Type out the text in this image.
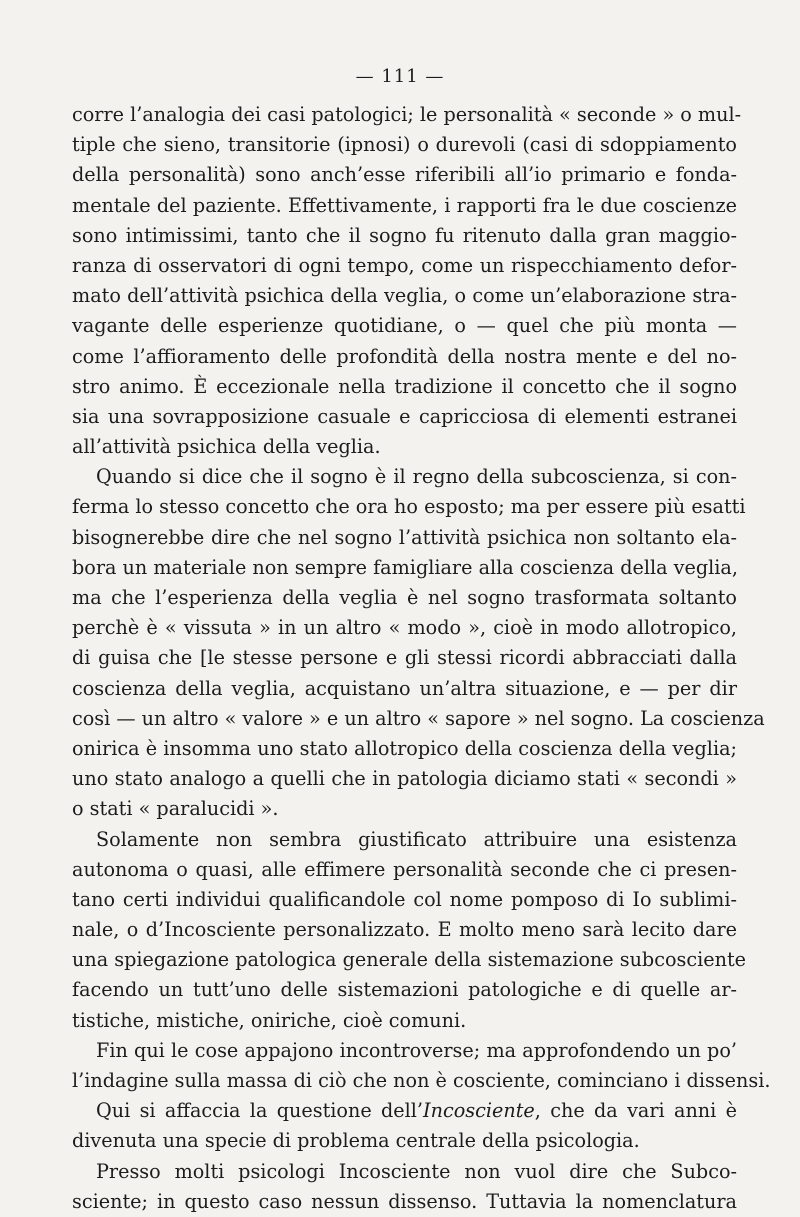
— 111 —
corre l’analogia dei casi patologici; le personalità « seconde » o mul-
tiple che sieno, transitorie (ipnosi) o durevoli (casi di sdoppiamento
della personalità) sono anch’esse riferibili all’io primario e fonda-
mentale del paziente. Effettivamente, i rapporti fra le due coscienze
sono intimissimi, tanto che il sogno fu ritenuto dalla gran maggio-
ranza di osservatori di ogni tempo, come un rispecchiamento defor-
mato dell’attività psichica della veglia, o come un’elaborazione stra-
vagante delle esperienze quotidiane, o — quel che più monta —
come l’affioramento delle profondità della nostra mente e del no-
stro animo. È eccezionale nella tradizione il concetto che il sogno
sia una sovrapposizione casuale e capricciosa di elementi estranei
all’attività psichica della veglia.
Quando si dice che il sogno è il regno della subcoscienza, si con-
ferma lo stesso concetto che ora ho esposto; ma per essere più esatti
bisognerebbe dire che nel sogno l’attività psichica non soltanto ela-
bora un materiale non sempre famigliare alla coscienza della veglia,
ma che l’esperienza della veglia è nel sogno trasformata soltanto
perchè è « vissuta » in un altro « modo », cioè in modo allotropico,
di guisa che [le stesse persone e gli stessi ricordi abbracciati dalla
coscienza della veglia, acquistano un’altra situazione, e — per dir
così — un altro « valore » e un altro « sapore » nel sogno. La coscienza
onirica è insomma uno stato allotropico della coscienza della veglia;
uno stato analogo a quelli che in patologia diciamo stati « secondi »
o stati « paralucidi ».
Solamente non sembra giustificato attribuire una esistenza
autonoma o quasi, alle effimere personalità seconde che ci presen-
tano certi individui qualificandole col nome pomposo di Io sublimi-
nale, o d’Incosciente personalizzato. E molto meno sarà lecito dare
una spiegazione patologica generale della sistemazione subcosciente
facendo un tutt’uno delle sistemazioni patologiche e di quelle ar-
tistiche, mistiche, oniriche, cioè comuni.
Fin qui le cose appajono incontroverse; ma approfondendo un po’
l’indagine sulla massa di ciò che non è cosciente, cominciano i dissensi.
Qui si affaccia la questione dell’Incosciente, che da vari anni è
divenuta una specie di problema centrale della psicologia.
Presso molti psicologi Incosciente non vuol dire che Subco-
sciente; in questo caso nessun dissenso. Tuttavia la nomenclatura
